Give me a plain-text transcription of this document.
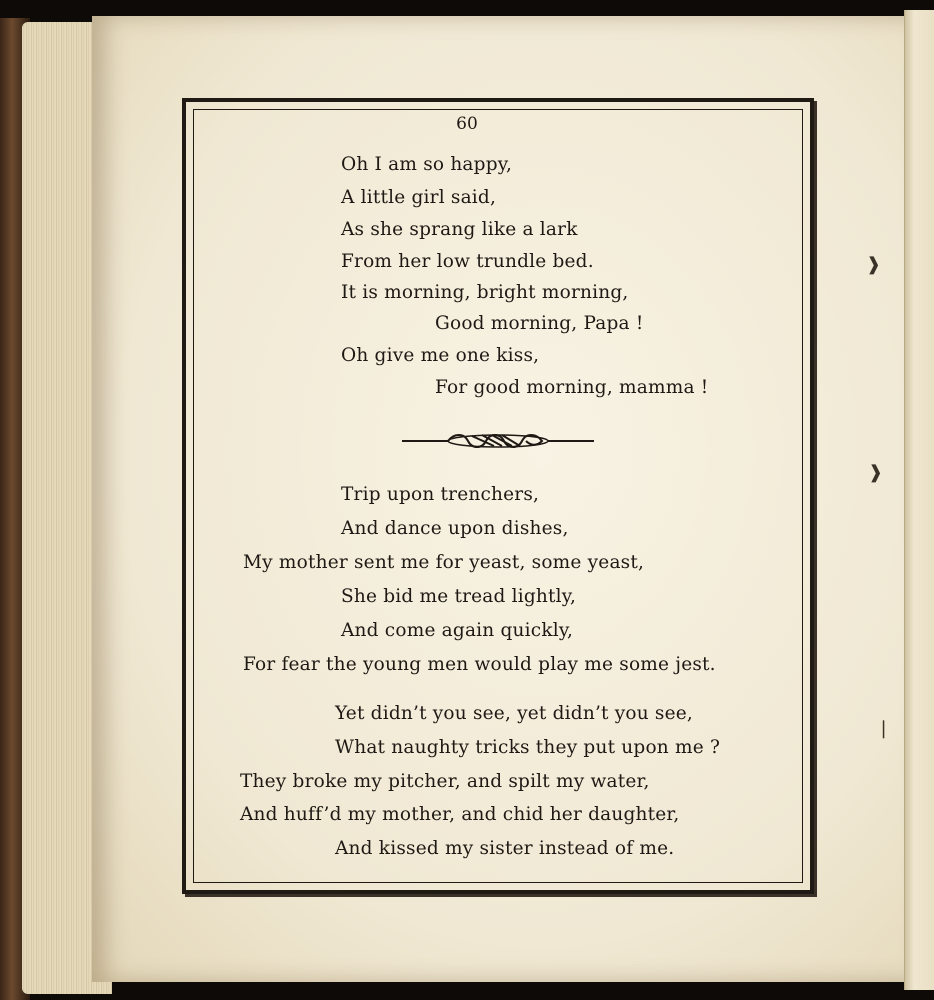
❱
❱
❘
60
Oh I am so happy,
A little girl said,
As she sprang like a lark
From her low trundle bed.
It is morning, bright morning,
Good morning, Papa !
Oh give me one kiss,
For good morning, mamma !
Trip upon trenchers,
And dance upon dishes,
My mother sent me for yeast, some yeast,
She bid me tread lightly,
And come again quickly,
For fear the young men would play me some jest.
Yet didn’t you see, yet didn’t you see,
What naughty tricks they put upon me ?
They broke my pitcher, and spilt my water,
And huff’d my mother, and chid her daughter,
And kissed my sister instead of me.
